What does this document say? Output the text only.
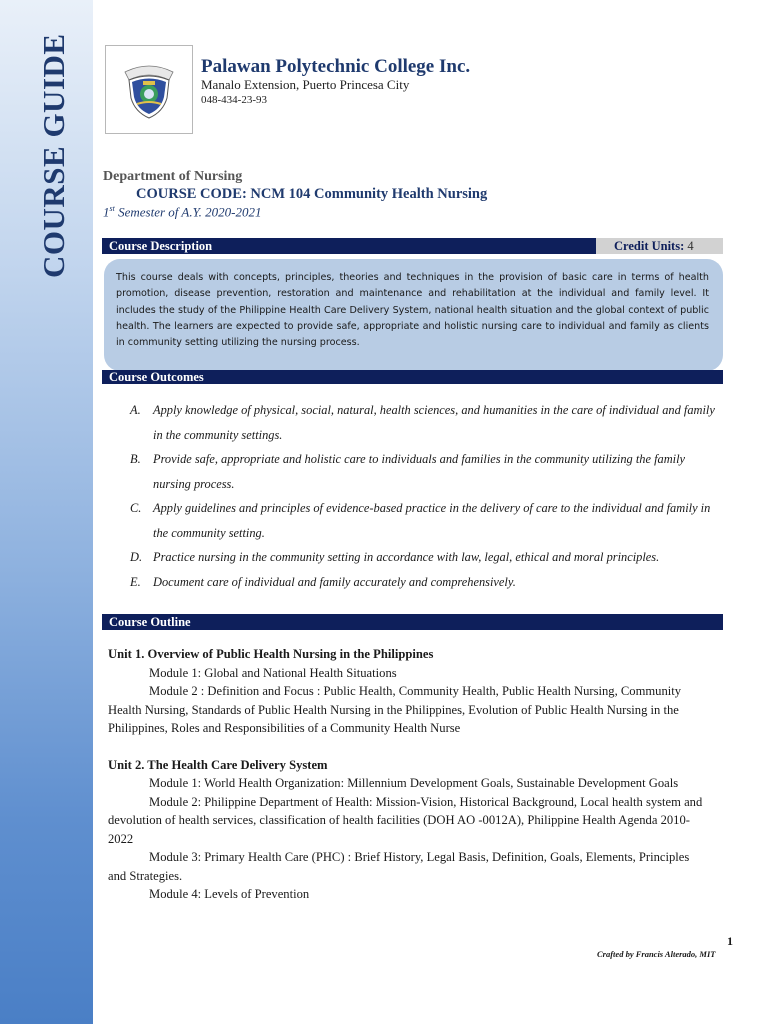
COURSE GUIDE	Palawan Polytechnic College Inc.
Manalo Extension, Puerto Princesa City
048-434-23-93
Department of Nursing
COURSE CODE: NCM 104 Community Health Nursing
1st Semester of A.Y. 2020-2021
Course Description	Credit Units: 4
This course deals with concepts, principles, theories and techniques in the provision of basic care in terms of health promotion, disease prevention, restoration and maintenance and rehabilitation at the individual and family level. It includes the study of the Philippine Health Care Delivery System, national health situation and the global context of public health. The learners are expected to provide safe, appropriate and holistic nursing care to individual and family as clients in community setting utilizing the nursing process.
Course Outcomes
A. Apply knowledge of physical, social, natural, health sciences, and humanities in the care of individual and family in the community settings.
B. Provide safe, appropriate and holistic care to individuals and families in the community utilizing the family nursing process.
C. Apply guidelines and principles of evidence-based practice in the delivery of care to the individual and family in the community setting.
D. Practice nursing in the community setting in accordance with law, legal, ethical and moral principles.
E. Document care of individual and family accurately and comprehensively.
Course Outline
Unit 1. Overview of Public Health Nursing in the Philippines
Module 1: Global and National Health Situations
Module 2 : Definition and Focus : Public Health, Community Health, Public Health Nursing, Community Health Nursing, Standards of Public Health Nursing in the Philippines, Evolution of Public Health Nursing in the Philippines, Roles and Responsibilities of a Community Health Nurse
Unit 2. The Health Care Delivery System
Module 1: World Health Organization: Millennium Development Goals, Sustainable Development Goals
Module 2: Philippine Department of Health: Mission-Vision, Historical Background, Local health system and devolution of health services, classification of health facilities (DOH AO -0012A), Philippine Health Agenda 2010-2022
Module 3: Primary Health Care (PHC) : Brief History, Legal Basis, Definition, Goals, Elements, Principles and Strategies.
Module 4: Levels of Prevention
1
Crafted by Francis Alterado, MIT
